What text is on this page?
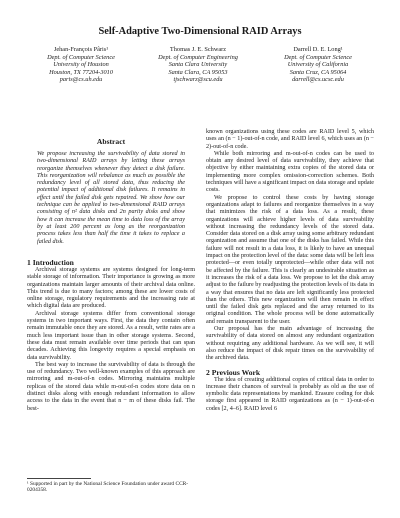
Self-Adaptive Two-Dimensional RAID Arrays
Jehan-François Pâris¹
Dept. of Computer Science
University of Houston
Houston, TX 77204-3010
paris@cs.uh.edu
Thomas J. E. Schwarz
Dept. of Computer Engineering
Santa Clara University
Santa Clara, CA 95053
tjschwarz@scu.edu
Darrell D. E. Long¹
Dept. of Computer Science
University of California
Santa Cruz, CA 95064
darrell@cs.ucsc.edu
Abstract
We propose increasing the survivability of data stored in two-dimensional RAID arrays by letting these arrays reorganize themselves whenever they detect a disk failure. This reorganization will rebalance as much as possible the redundancy level of all stored data, thus reducing the potential impact of additional disk failures. It remains in effect until the failed disk gets repaired. We show how our technique can be applied to two-dimensional RAID arrays consisting of n² data disks and 2n parity disks and show how it can increase the mean time to data loss of the array by at least 200 percent as long as the reorganization process takes less than half the time it takes to replace a failed disk.
1 Introduction

Archival storage systems are systems designed for long-term stable storage of information. Their importance is growing as more organizations maintain larger amounts of their archival data online. This trend is due to many factors; among these are lower costs of online storage, regulatory requirements and the increasing rate at which digital data are produced.

Archival storage systems differ from conventional storage systems in two important ways. First, the data they contain often remain immutable once they are stored. As a result, write rates are a much less important issue than in other storage systems. Second, these data must remain available over time periods that can span decades. Achieving this longevity requires a special emphasis on data survivability.

The best way to increase the survivability of data is through the use of redundancy. Two well-known examples of this approach are mirroring and m-out-of-n codes. Mirroring maintains multiple replicas of the stored data while m-out-of-n codes store data on n distinct disks along with enough redundant information to allow access to the data in the event that n − m of these disks fail. The best-

¹ Supported in part by the National Science Foundation under award CCR-0204358.

known organizations using these codes are RAID level 5, which uses an (n − 1)-out-of-n code, and RAID level 6, which uses an (n − 2)-out-of-n code.

While both mirroring and m-out-of-n codes can be used to obtain any desired level of data survivability, they achieve that objective by either maintaining extra copies of the stored data or implementing more complex omission-correction schemes. Both techniques will have a significant impact on data storage and update costs.

We propose to control these costs by having storage organizations adapt to failures and reorganize themselves in a way that minimizes the risk of a data loss. As a result, these organizations will achieve higher levels of data survivability without increasing the redundancy levels of the stored data. Consider data stored on a disk array using some arbitrary redundant organization and assume that one of the disks has failed. While this failure will not result in a data loss, it is likely to have an unequal impact on the protection level of the data: some data will be left less protected—or even totally unprotected—while other data will not be affected by the failure. This is clearly an undesirable situation as it increases the risk of a data loss. We propose to let the disk array adjust to the failure by readjusting the protection levels of its data in a way that ensures that no data are left significantly less protected than the others. This new organization will then remain in effect until the failed disk gets replaced and the array returned to its original condition. The whole process will be done automatically and remain transparent to the user.

Our proposal has the main advantage of increasing the survivability of data stored on almost any redundant organization without requiring any additional hardware. As we will see, it will also reduce the impact of disk repair times on the survivability of the archived data.

2 Previous Work

The idea of creating additional copies of critical data in order to increase their chances of survival is probably as old as the use of symbolic data representations by mankind. Erasure coding for disk storage first appeared in RAID organizations as (n − 1)-out-of-n codes [2, 4–6]. RAID level 6
